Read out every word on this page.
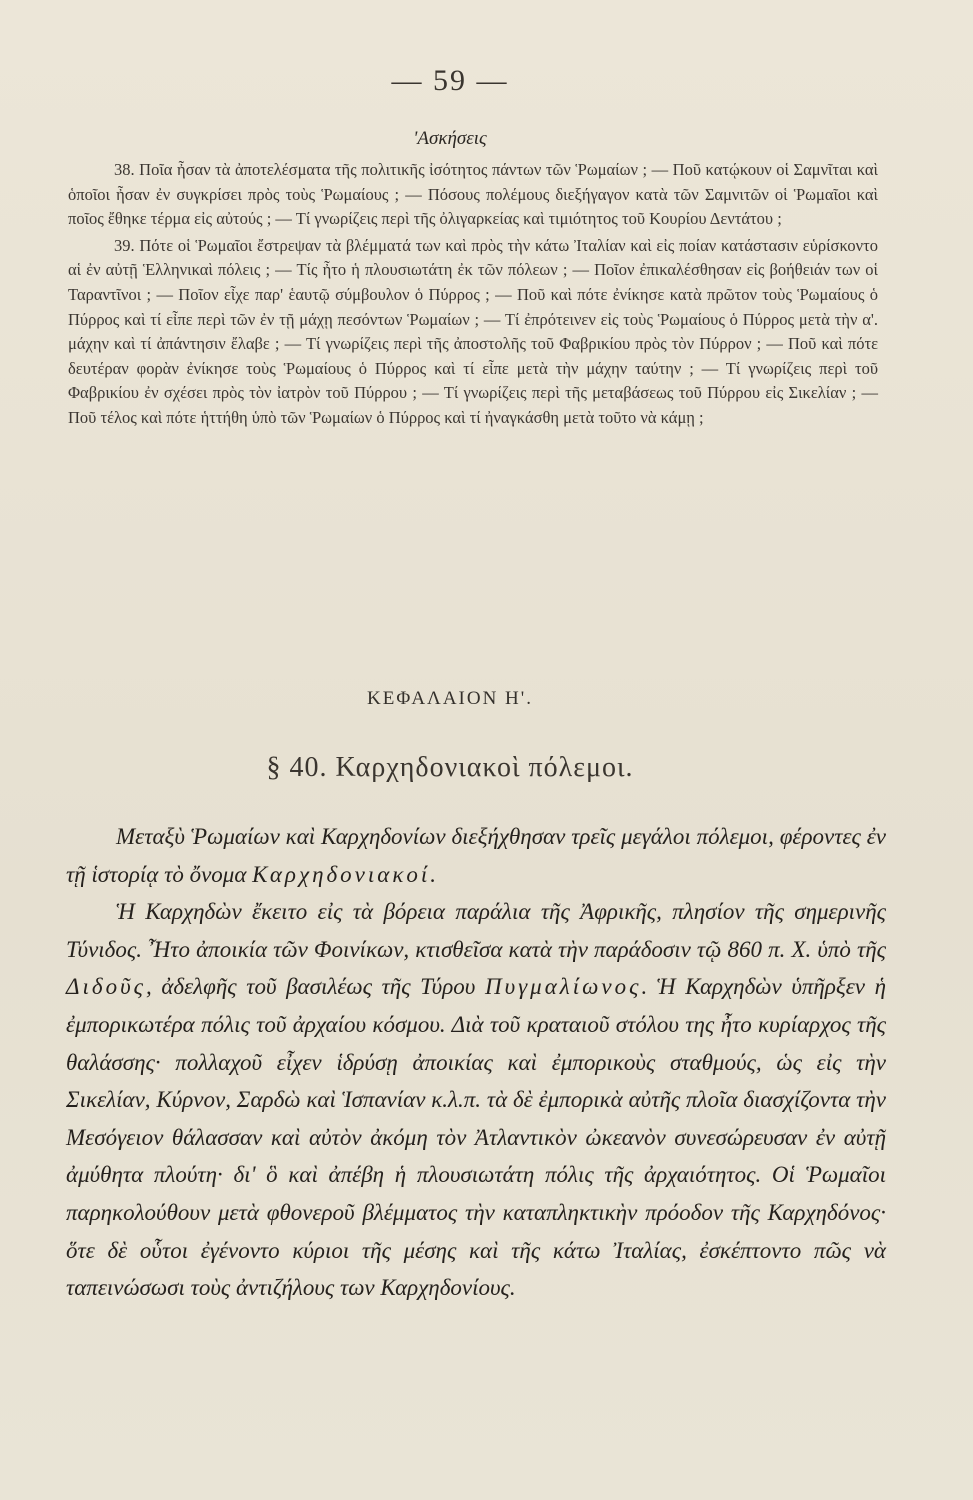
— 59 —
'Ασκήσεις

38. Ποῖα ἦσαν τὰ ἀποτελέσματα τῆς πολιτικῆς ἰσότητος πάντων τῶν Ῥωμαίων ; — Ποῦ κατῴκουν οἱ Σαμνῖται καὶ ὁποῖοι ἦσαν ἐν συγκρίσει πρὸς τοὺς Ῥωμαίους ; — Πόσους πολέμους διεξήγαγον κατὰ τῶν Σαμνιτῶν οἱ Ῥωμαῖοι καὶ ποῖος ἔθηκε τέρμα εἰς αὐτούς ; — Τί γνωρίζεις περὶ τῆς ὀλιγαρκείας καὶ τιμιότητος τοῦ Κουρίου Δεντάτου ;

39. Πότε οἱ Ῥωμαῖοι ἔστρεψαν τὰ βλέμματά των καὶ πρὸς τὴν κάτω Ἰταλίαν καὶ εἰς ποίαν κατάστασιν εὑρίσκοντο αἱ ἐν αὐτῇ Ἑλληνικαὶ πόλεις ; — Τίς ἦτο ἡ πλουσιωτάτη ἐκ τῶν πόλεων ; — Ποῖον ἐπικαλέσθησαν εἰς βοήθειάν των οἱ Ταραντῖνοι ; — Ποῖον εἶχε παρ' ἑαυτῷ σύμβουλον ὁ Πύρρος ; — Ποῦ καὶ πότε ἐνίκησε κατὰ πρῶτον τοὺς Ῥωμαίους ὁ Πύρρος καὶ τί εἶπε περὶ τῶν ἐν τῇ μάχῃ πεσόντων Ῥωμαίων ; — Τί ἐπρότεινεν εἰς τοὺς Ῥωμαίους ὁ Πύρρος μετὰ τὴν α'. μάχην καὶ τί ἀπάντησιν ἔλαβε ; — Τί γνωρίζεις περὶ τῆς ἀποστολῆς τοῦ Φαβρικίου πρὸς τὸν Πύρρον ; — Ποῦ καὶ πότε δευτέραν φορὰν ἐνίκησε τοὺς Ῥωμαίους ὁ Πύρρος καὶ τί εἶπε μετὰ τὴν μάχην ταύτην ; — Τί γνωρίζεις περὶ τοῦ Φαβρικίου ἐν σχέσει πρὸς τὸν ἰατρὸν τοῦ Πύρρου ; — Τί γνωρίζεις περὶ τῆς μεταβάσεως τοῦ Πύρρου εἰς Σικελίαν ; — Ποῦ τέλος καὶ πότε ἡττήθη ὑπὸ τῶν Ῥωμαίων ὁ Πύρρος καὶ τί ἠναγκάσθη μετὰ τοῦτο νὰ κάμῃ ;

ΚΕΦΑΛΑΙΟΝ Η'.
§ 40. Καρχηδονιακοὶ πόλεμοι.

Μεταξὺ Ῥωμαίων καὶ Καρχηδονίων διεξήχθησαν τρεῖς μεγάλοι πόλεμοι, φέροντες ἐν τῇ ἱστορίᾳ τὸ ὄνομα Καρχηδονιακοί.

Ἡ Καρχηδὼν ἔκειτο εἰς τὰ βόρεια παράλια τῆς Ἀφρικῆς, πλησίον τῆς σημερινῆς Τύνιδος. Ἦτο ἀποικία τῶν Φοινίκων, κτισθεῖσα κατὰ τὴν παράδοσιν τῷ 860 π. Χ. ὑπὸ τῆς Διδοῦς, ἀδελφῆς τοῦ βασιλέως τῆς Τύρου Πυγμαλίωνος. Ἡ Καρχηδὼν ὑπῆρξεν ἡ ἐμπορικωτέρα πόλις τοῦ ἀρχαίου κόσμου. Διὰ τοῦ κραταιοῦ στόλου της ἦτο κυρίαρχος τῆς θαλάσσης· πολλαχοῦ εἶχεν ἱδρύσῃ ἀποικίας καὶ ἐμπορικοὺς σταθμούς, ὡς εἰς τὴν Σικελίαν, Κύρνον, Σαρδὼ καὶ Ἱσπανίαν κ.λ.π. τὰ δὲ ἐμπορικὰ αὐτῆς πλοῖα διασχίζοντα τὴν Μεσόγειον θάλασσαν καὶ αὐτὸν ἀκόμη τὸν Ἀτλαντικὸν ὠκεανὸν συνεσώρευσαν ἐν αὐτῇ ἀμύθητα πλούτη· δι' ὃ καὶ ἀπέβη ἡ πλουσιωτάτη πόλις τῆς ἀρχαιότητος. Οἱ Ῥωμαῖοι παρηκολούθουν μετὰ φθονεροῦ βλέμματος τὴν καταπληκτικὴν πρόοδον τῆς Καρχηδόνος· ὅτε δὲ οὗτοι ἐγένοντο κύριοι τῆς μέσης καὶ τῆς κάτω Ἰταλίας, ἐσκέπτοντο πῶς νὰ ταπεινώσωσι τοὺς ἀντιζήλους των Καρχηδονίους.
